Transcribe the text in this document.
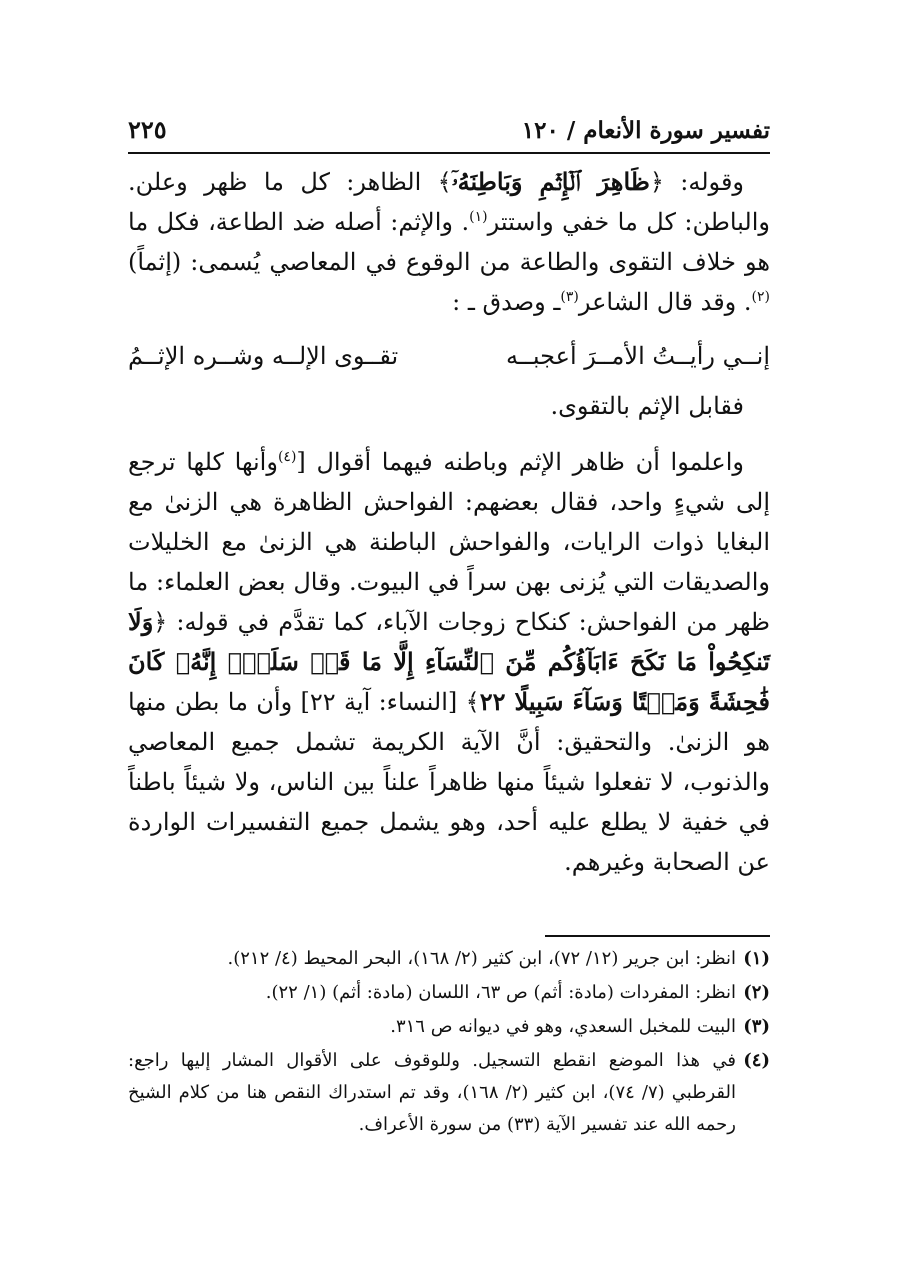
تفسير سورة الأنعام / ١٢٠
٢٢٥

وقوله: ﴿ظَاهِرَ ٱلۡإِثۡمِ وَبَاطِنَهُۥٓ﴾ الظاهر: كل ما ظهر وعلن. والباطن: كل ما خفي واستتر$^{(١)}$. والإثم: أصله ضد الطاعة، فكل ما هو خلاف التقوى والطاعة من الوقوع في المعاصي يُسمى: (إثماً)$^{(٢)}$. وقد قال الشاعر$^{(٣)}$ـ وصدق ـ :

إنــي رأيــتُ الأمــرَ أعجبــه
تقــوى الإلــه وشــره الإثــمُ

فقابل الإثم بالتقوى.

واعلموا أن ظاهر الإثم وباطنه فيهما أقوال [$^{(٤)}$وأنها كلها ترجع إلى شيءٍ واحد، فقال بعضهم: الفواحش الظاهرة هي الزنىٰ مع البغايا ذوات الرايات، والفواحش الباطنة هي الزنىٰ مع الخليلات والصديقات التي يُزنى بهن سراً في البيوت. وقال بعض العلماء: ما ظهر من الفواحش: كنكاح زوجات الآباء، كما تقدَّم في قوله: ﴿وَلَا تَنكِحُواْ مَا نَكَحَ ءَابَآؤُكُم مِّنَ ٱلنِّسَآءِ إِلَّا مَا قَدۡ سَلَفَۚ إِنَّهُۥ كَانَ فَٰحِشَةً وَمَقۡتًا وَسَآءَ سَبِيلًا ٢٢﴾ [النساء: آية ٢٢] وأن ما بطن منها هو الزنىٰ. والتحقيق: أنَّ الآية الكريمة تشمل جميع المعاصي والذنوب، لا تفعلوا شيئاً منها ظاهراً علناً بين الناس، ولا شيئاً باطناً في خفية لا يطلع عليه أحد، وهو يشمل جميع التفسيرات الواردة عن الصحابة وغيرهم.

(١)
انظر: ابن جرير (١٢/ ٧٢)، ابن كثير (٢/ ١٦٨)، البحر المحيط (٤/ ٢١٢).
(٢)
انظر: المفردات (مادة: أثم) ص ٦٣، اللسان (مادة: أثم) (١/ ٢٢).
(٣)
البيت للمخبل السعدي، وهو في ديوانه ص ٣١٦.
(٤)
في هذا الموضع انقطع التسجيل. وللوقوف على الأقوال المشار إليها راجع: القرطبي (٧/ ٧٤)، ابن كثير (٢/ ١٦٨)، وقد تم استدراك النقص هنا من كلام الشيخ رحمه الله عند تفسير الآية (٣٣) من سورة الأعراف.
